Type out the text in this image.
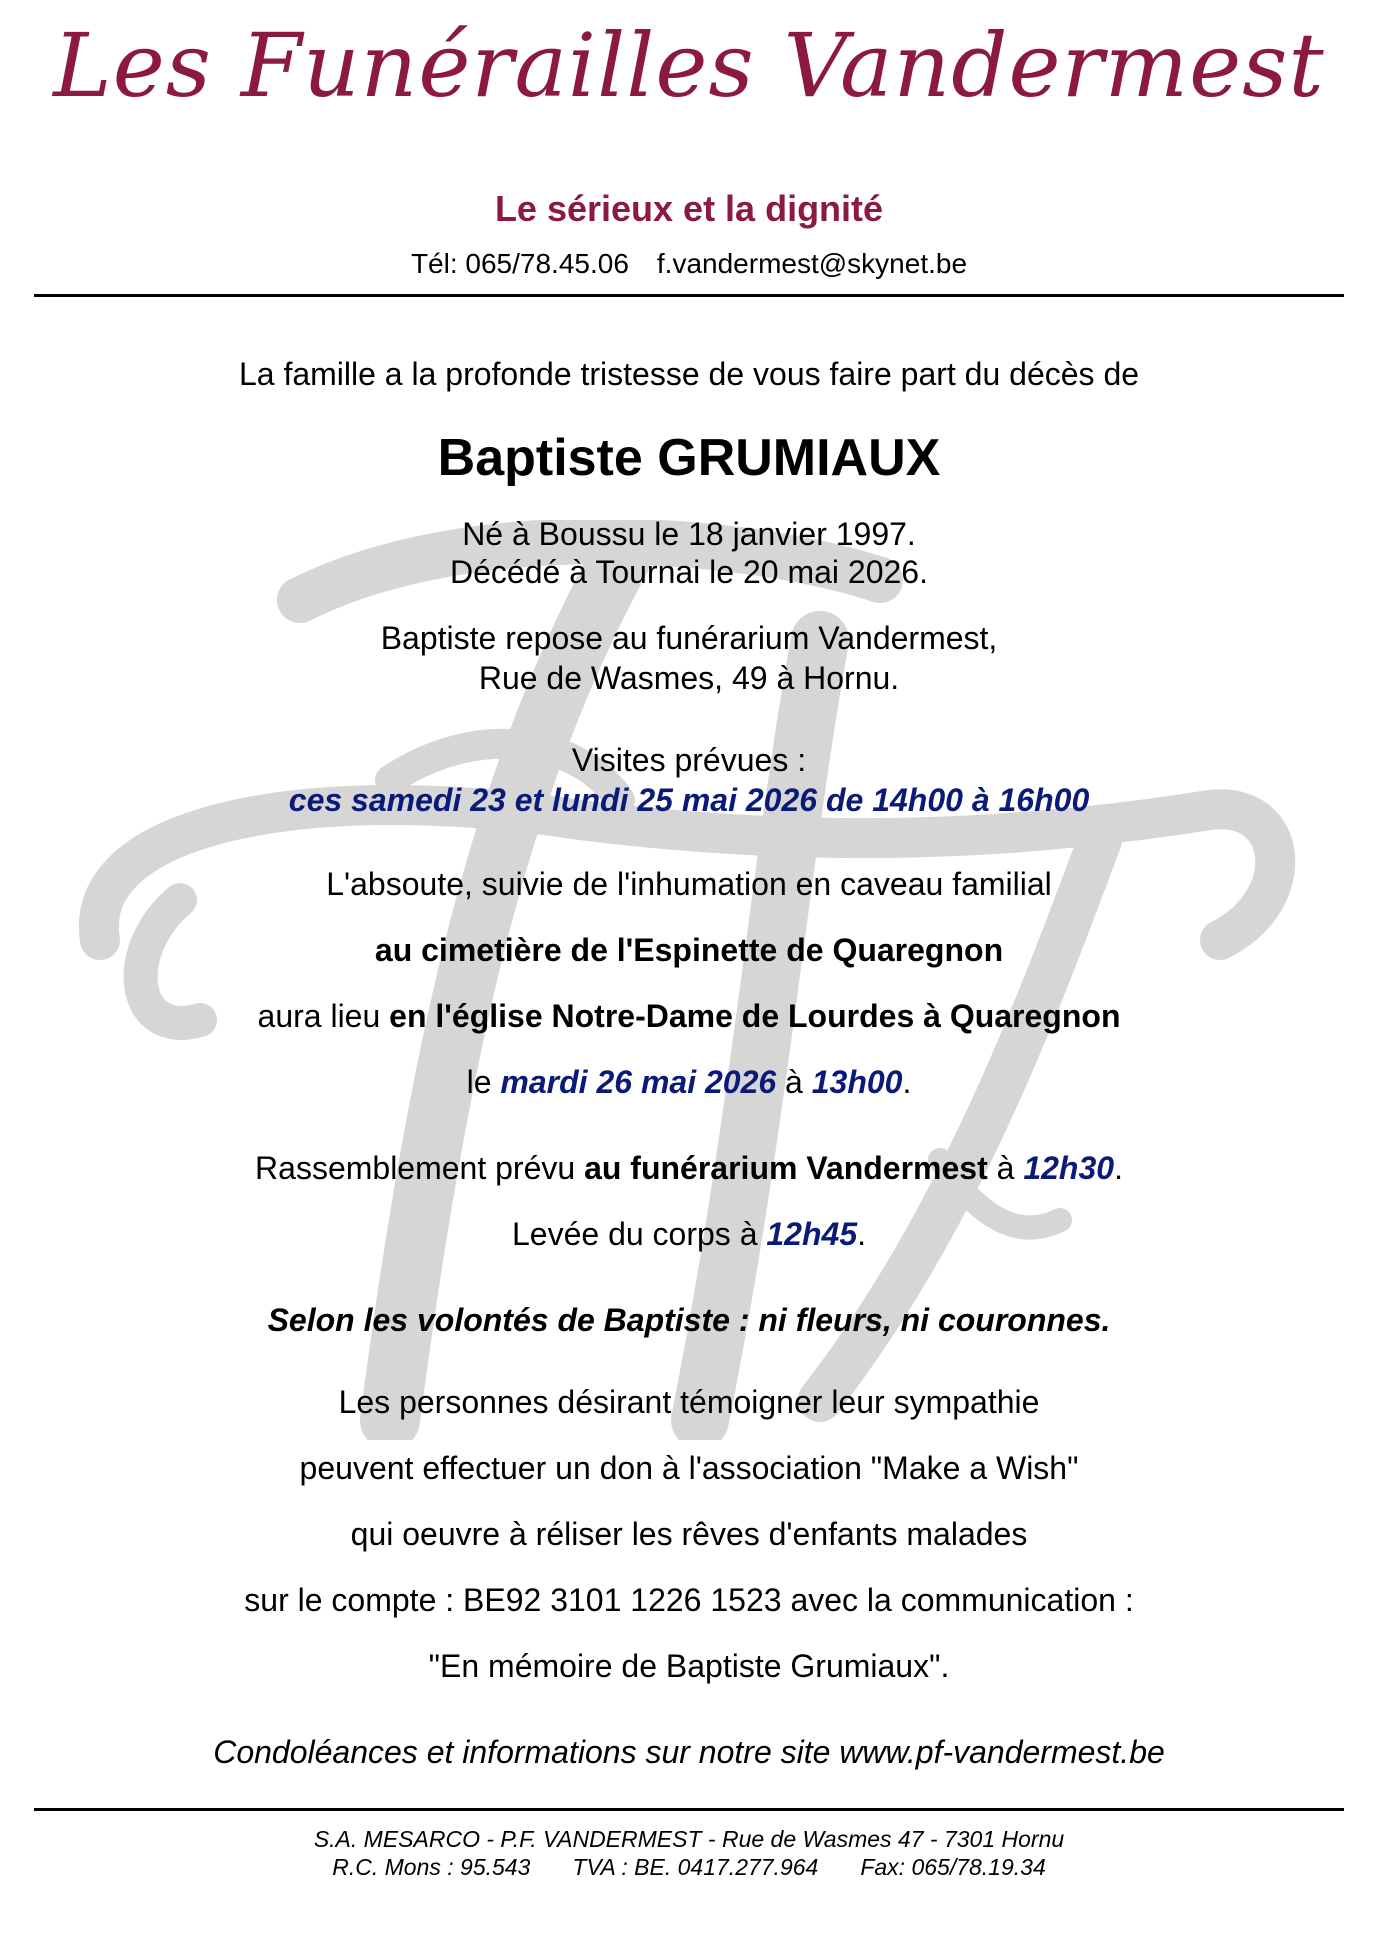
Les Funérailles Vandermest
Le sérieux et la dignité
Tél: 065/78.45.06 f.vandermest@skynet.be
La famille a la profonde tristesse de vous faire part du décès de
Baptiste GRUMIAUX
Né à Boussu le 18 janvier 1997.
Décédé à Tournai le 20 mai 2026.
Baptiste repose au funérarium Vandermest,
Rue de Wasmes, 49 à Hornu.
Visites prévues :
ces samedi 23 et lundi 25 mai 2026 de 14h00 à 16h00
L'absoute, suivie de l'inhumation en caveau familial
au cimetière de l'Espinette de Quaregnon
aura lieu en l'église Notre-Dame de Lourdes à Quaregnon
le mardi 26 mai 2026 à 13h00.
Rassemblement prévu au funérarium Vandermest à 12h30.
Levée du corps à 12h45.
Selon les volontés de Baptiste : ni fleurs, ni couronnes.
Les personnes désirant témoigner leur sympathie
peuvent effectuer un don à l'association "Make a Wish"
qui oeuvre à réliser les rêves d'enfants malades
sur le compte : BE92 3101 1226 1523 avec la communication :
"En mémoire de Baptiste Grumiaux".
Condoléances et informations sur notre site www.pf-vandermest.be
S.A. MESARCO - P.F. VANDERMEST - Rue de Wasmes 47 - 7301 Hornu
R.C. Mons : 95.543 TVA : BE. 0417.277.964 Fax: 065/78.19.34
